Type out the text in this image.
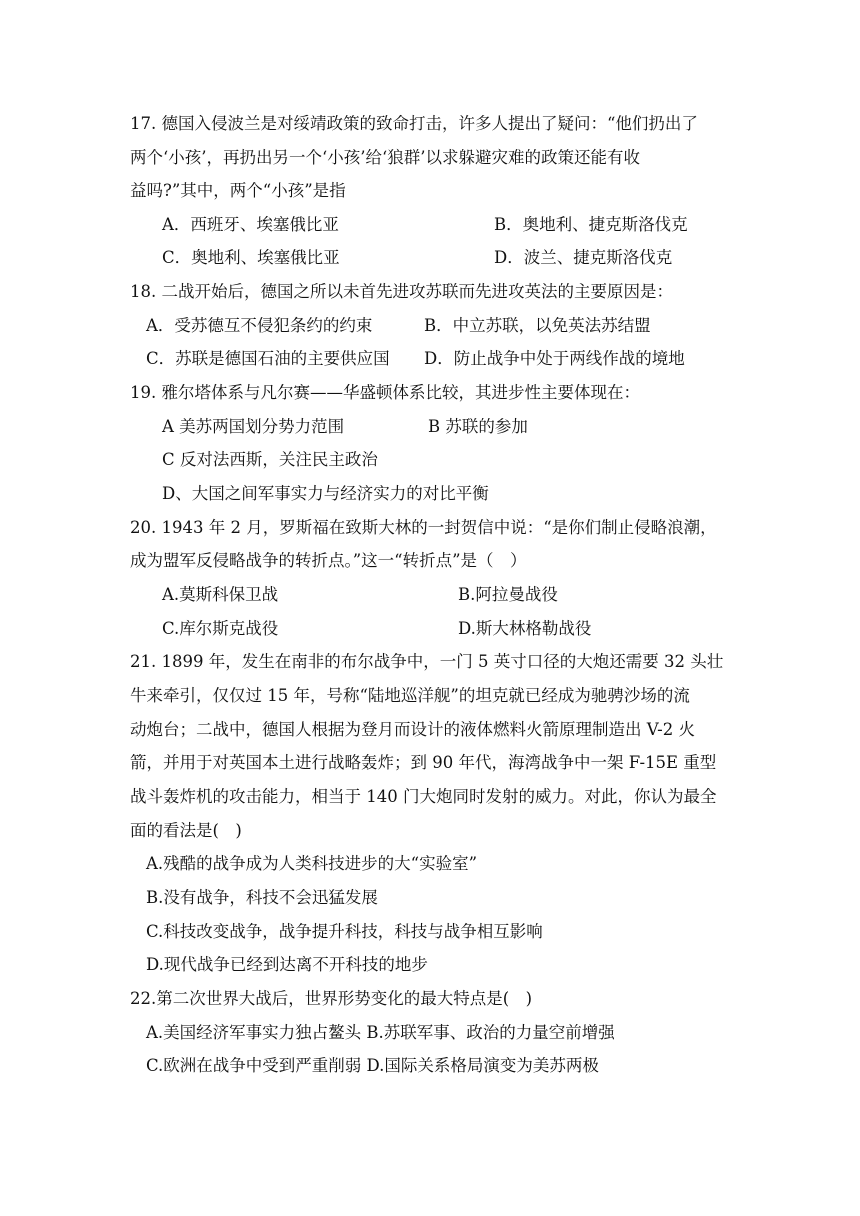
17. 德国入侵波兰是对绥靖政策的致命打击，许多人提出了疑问：“他们扔出了
两个‘小孩’，再扔出另一个‘小孩’给‘狼群’以求躲避灾难的政策还能有收
益吗?”其中，两个“小孩”是指
A．西班牙、埃塞俄比亚	B．奥地利、捷克斯洛伐克
C．奥地利、埃塞俄比亚	D．波兰、捷克斯洛伐克
18. 二战开始后，德国之所以未首先进攻苏联而先进攻英法的主要原因是：
A．受苏德互不侵犯条约的约束	B．中立苏联，以免英法苏结盟
C．苏联是德国石油的主要供应国 D．防止战争中处于两线作战的境地
19. 雅尔塔体系与凡尔赛——华盛顿体系比较，其进步性主要体现在：
A 美苏两国划分势力范围	B 苏联的参加
C 反对法西斯，关注民主政治
D、大国之间军事实力与经济实力的对比平衡
20. 1943 年 2 月，罗斯福在致斯大林的一封贺信中说：“是你们制止侵略浪潮，
成为盟军反侵略战争的转折点。”这一“转折点”是（　）
A.莫斯科保卫战	B.阿拉曼战役
C.库尔斯克战役	D.斯大林格勒战役
21. 1899 年，发生在南非的布尔战争中，一门 5 英寸口径的大炮还需要 32 头壮
牛来牵引，仅仅过 15 年，号称“陆地巡洋舰”的坦克就已经成为驰骋沙场的流
动炮台；二战中，德国人根据为登月而设计的液体燃料火箭原理制造出 V-2 火
箭，并用于对英国本土进行战略轰炸；到 90 年代，海湾战争中一架 F-15E 重型
战斗轰炸机的攻击能力，相当于 140 门大炮同时发射的威力。对此，你认为最全
面的看法是(　)
A.残酷的战争成为人类科技进步的大“实验室”
B.没有战争，科技不会迅猛发展
C.科技改变战争，战争提升科技，科技与战争相互影响
D.现代战争已经到达离不开科技的地步
22.第二次世界大战后，世界形势变化的最大特点是(　)
A.美国经济军事实力独占鳌头 B.苏联军事、政治的力量空前增强
C.欧洲在战争中受到严重削弱 D.国际关系格局演变为美苏两极
